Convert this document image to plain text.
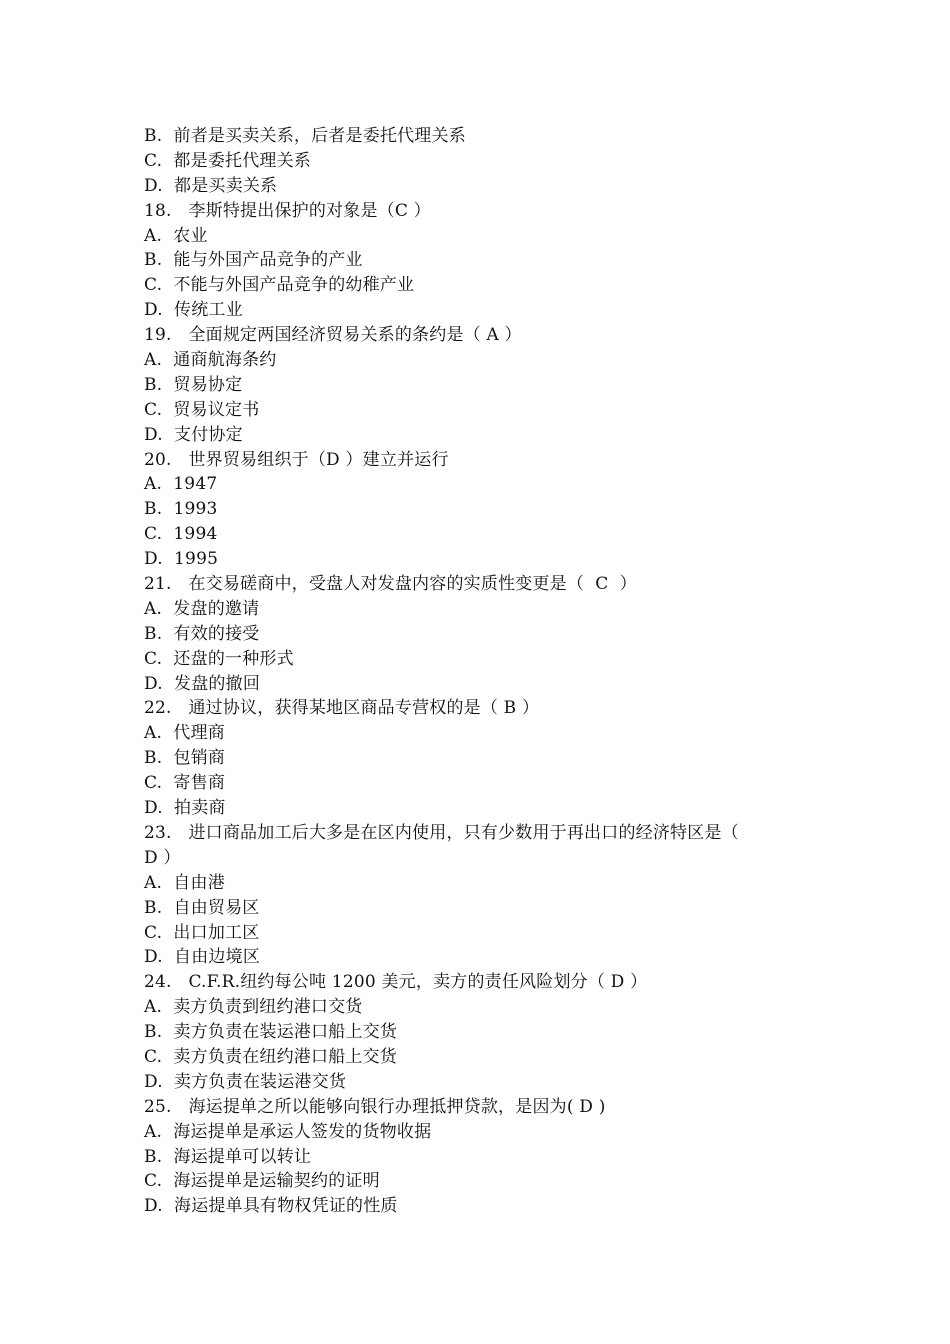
B.  前者是买卖关系，后者是委托代理关系
C.  都是委托代理关系
D.  都是买卖关系
18.   李斯特提出保护的对象是（C ）
A.  农业
B.  能与外国产品竞争的产业
C.  不能与外国产品竞争的幼稚产业
D.  传统工业
19.   全面规定两国经济贸易关系的条约是（ A ）
A.  通商航海条约
B.  贸易协定
C.  贸易议定书
D.  支付协定
20.   世界贸易组织于（D ）建立并运行
A.  1947
B.  1993
C.  1994
D.  1995
21.   在交易磋商中，受盘人对发盘内容的实质性变更是（  C  ）
A.  发盘的邀请
B.  有效的接受
C.  还盘的一种形式
D.  发盘的撤回
22.   通过协议，获得某地区商品专营权的是（ B ）
A.  代理商
B.  包销商
C.  寄售商
D.  拍卖商
23.   进口商品加工后大多是在区内使用，只有少数用于再出口的经济特区是（
D ）
A.  自由港
B.  自由贸易区
C.  出口加工区
D.  自由边境区
24.   C.F.R.纽约每公吨 1200 美元，卖方的责任风险划分（ D ）
A.  卖方负责到纽约港口交货
B.  卖方负责在装运港口船上交货
C.  卖方负责在纽约港口船上交货
D.  卖方负责在装运港交货
25.   海运提单之所以能够向银行办理抵押贷款，是因为( D )
A.  海运提单是承运人签发的货物收据
B.  海运提单可以转让
C.  海运提单是运输契约的证明
D.  海运提单具有物权凭证的性质
